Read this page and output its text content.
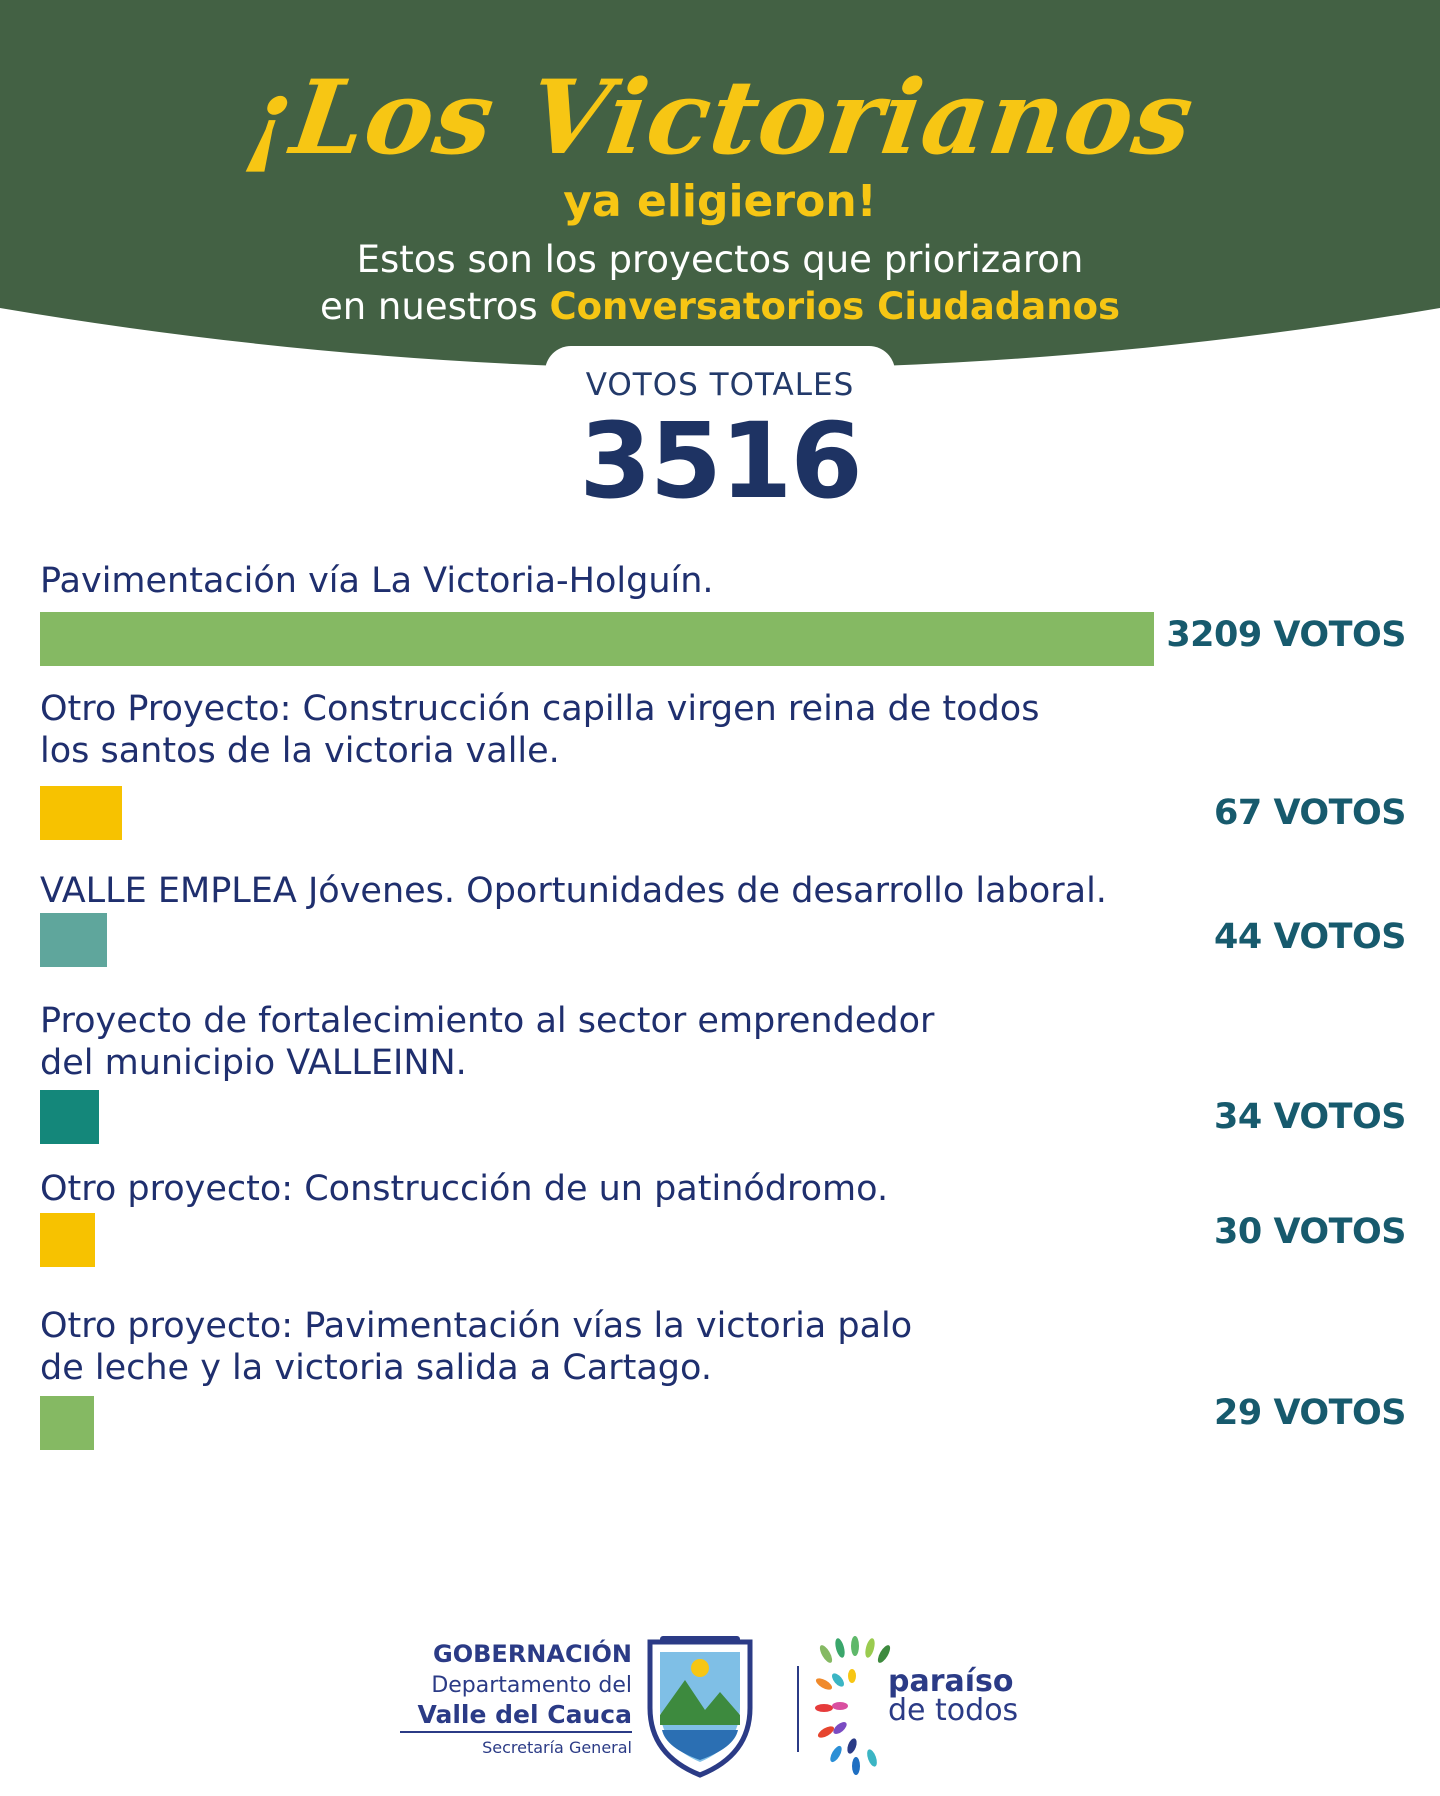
¡Los Victorianos
ya eligieron!
Estos son los proyectos que priorizaron
en nuestros Conversatorios Ciudadanos
VOTOS TOTALES
3516
Pavimentación vía La Victoria-Holguín.
3209 VOTOS
Otro Proyecto: Construcción capilla virgen reina de todos
los santos de la victoria valle.
67 VOTOS
VALLE EMPLEA Jóvenes. Oportunidades de desarrollo laboral.
44 VOTOS
Proyecto de fortalecimiento al sector emprendedor
del municipio VALLEINN.
34 VOTOS
Otro proyecto: Construcción de un patinódromo.
30 VOTOS
Otro proyecto: Pavimentación vías la victoria palo
de leche y la victoria salida a Cartago.
29 VOTOS
GOBERNACIÓN
Departamento del
Valle del Cauca
Secretaría General
paraíso
de todos
